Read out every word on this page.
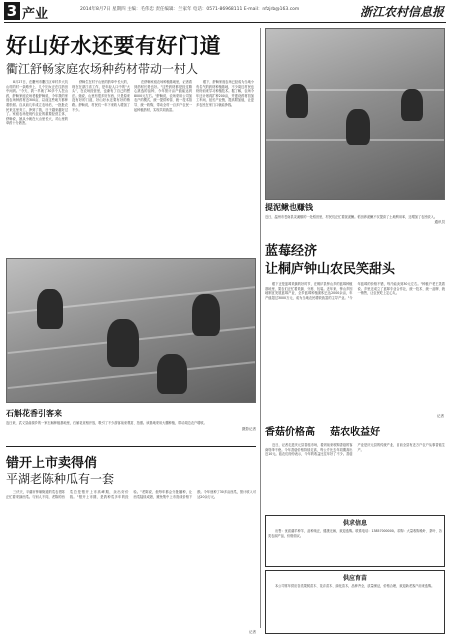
3 产业	2014年8月7日 星期四 主编：毛伟忠 责任编辑：兰家年 电话：0571-86968111 E-mail：nfzjrb@163.com	浙江农村信息报
好山好水还要有好门道
衢江舒畅家庭农场种药材带动一村人

8月27日，在衢州市衢江区举村乡大坑山村的村一条路旁上，几个妇女正在往药田中间到。"今天，我一早就了30多个人挖山药，舒畅家庭农场老板舒畅说，今年我的家庭农场种药材近300亩，以前这些地方都种着松树。自从前几年成立农场后，一批批农民来这里务工，挣到了钱，日子越来越好过了。家庭农场是现代农业的重要经营主体，舒畅说，她从小就在大山里长大，对山里的草药十分熟悉。

舒畅生在村子山里的药草中长大的，现在在浙江省工作，是年轻人口中的"大头"，在农场经营里，也渐有了自己的想法。她说，山里有很多好东西，只是原来没有好的门道，好山好水还要有好的销路。舒畅说，村民们一年下来收入增加了不少。

在舒畅家庭农场种植基地里，记者看到药材长势良好。"这些药材都是经过精心挑选的品种，今年预计亩产值能达到8000元左右。"舒畅说，农场采用公司加农户的模式，统一提供种苗、统一技术指导、统一收购，带动全村一百多户农民一起种植药材，实现共同致富。

眼下，舒畅家庭农场已经成为当地小有名气的药材种植基地，不少周边村民也纷纷前来学习种植技术。据了解，农场今年还计划再扩种200亩，并建设药材初加工车间，延长产业链，提高附加值，让更多农民在家门口就能挣钱。

石斛花香引客来
连日来，武义县俞源乡的一家石斛种植基地里，石斛花竞相开放，吸引了不少游客前来观赏、拍照。该基地采用大棚种植，带动周边农户增收。
摄影记者
提泥鳅也赚钱
近日，温州市苍南县灵溪镇的一处稻田里，村民们正忙着捉泥鳅。稻田养泥鳅不仅提高了土地利用率，还增加了农民收入。
通讯员
蓝莓经济
让桐庐钟山农民笑甜头

眼下正是蓝莓采摘的好时节，在桐庐县钟山乡的蓝莓种植基地里，果农们正忙着采摘、分拣、包装。近年来，钟山乡因地制宜发展蓝莓产业，全乡蓝莓种植面积已达2000余亩，年产值超过3000万元，成为当地农民增收致富的主导产业。"今年蓝莓的价格不错，每斤能卖到30元左右。"种植户老王笑着说。乡里还成立了蓝莓专业合作社，统一技术、统一品牌、统一销售，让农民吃上定心丸。

记者
香菇价格高 菇农收益好

近日，记者走进庆元县香菇市场，看到前来收购香菇的客商络绎不绝。今年香菇价格持续走高，每公斤比去年同期高出近10元。菇农们纷纷表示，今年的收益比往年好了不少。香菇产业是庆元县的传统产业，目前全县有近万户农户从事香菇生产。

供求信息

出售：优质湖羊种羊，品种纯正，健康无病，欢迎选购。联系电话：13857000000。求购：大量收购桑叶、茶叶、各类农副产品，价格面议。

供应育苗

本公司常年供应各类果树苗木、花卉苗木、绿化苗木，品种齐全，质量保证，价格合理，欢迎新老客户前来选购。

错开上市卖得俏
平湖老陈种瓜有一套

三伏天，平湖市钟埭街道的瓜农老陈正忙着采摘西瓜。与别人不同，老陈的西瓜总是错开上市高峰期，卖出好价钱。"错开上市期，是我种瓜多年的经验。"老陈说，他每年都会分批播种，让西瓜陆续成熟，避免集中上市造成价格下跌。今年他种了30多亩西瓜，预计收入可达20余万元。

记者
